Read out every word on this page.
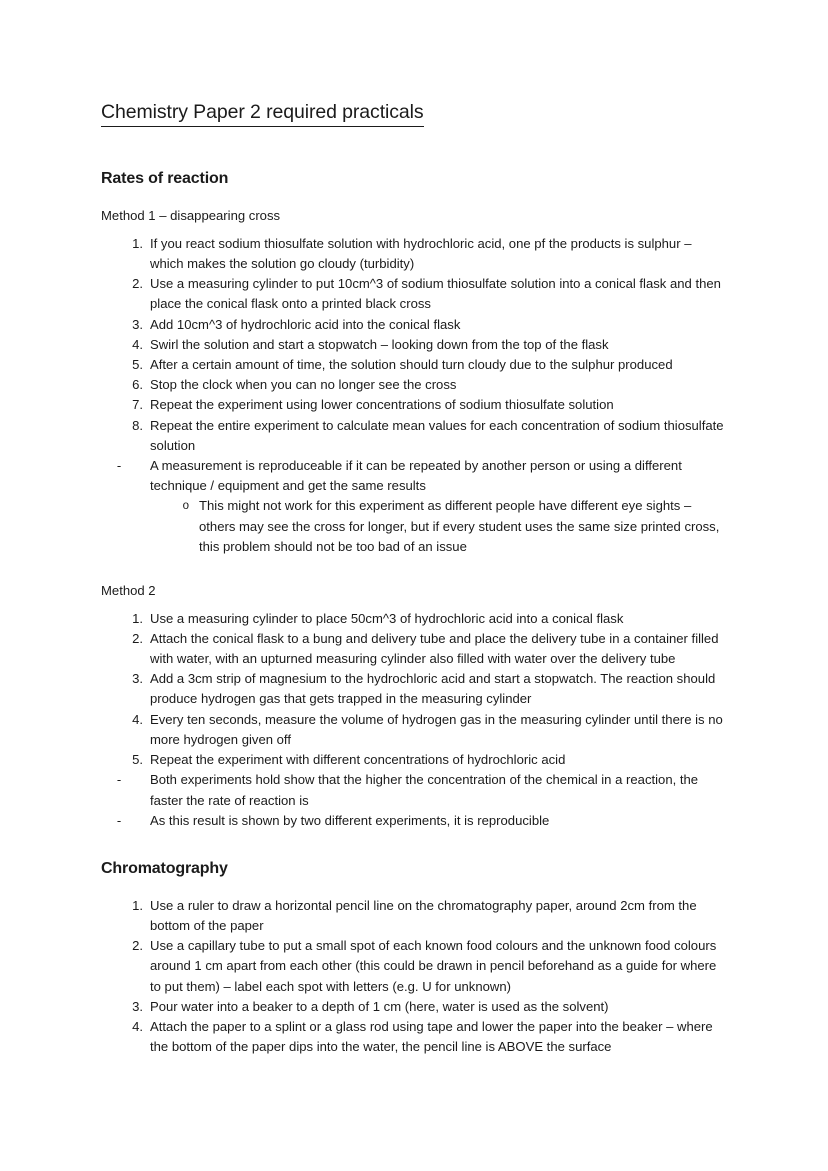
Chemistry Paper 2 required practicals
Rates of reaction

Method 1 – disappearing cross

1. If you react sodium thiosulfate solution with hydrochloric acid, one pf the products is sulphur – which makes the solution go cloudy (turbidity)
2. Use a measuring cylinder to put 10cm^3 of sodium thiosulfate solution into a conical flask and then place the conical flask onto a printed black cross
3. Add 10cm^3 of hydrochloric acid into the conical flask
4. Swirl the solution and start a stopwatch – looking down from the top of the flask
5. After a certain amount of time, the solution should turn cloudy due to the sulphur produced
6. Stop the clock when you can no longer see the cross
7. Repeat the experiment using lower concentrations of sodium thiosulfate solution
8. Repeat the entire experiment to calculate mean values for each concentration of sodium thiosulfate solution
-	A measurement is reproduceable if it can be repeated by another person or using a different technique / equipment and get the same results
o This might not work for this experiment as different people have different eye sights – others may see the cross for longer, but if every student uses the same size printed cross, this problem should not be too bad of an issue

Method 2

1. Use a measuring cylinder to place 50cm^3 of hydrochloric acid into a conical flask
2. Attach the conical flask to a bung and delivery tube and place the delivery tube in a container filled with water, with an upturned measuring cylinder also filled with water over the delivery tube
3. Add a 3cm strip of magnesium to the hydrochloric acid and start a stopwatch. The reaction should produce hydrogen gas that gets trapped in the measuring cylinder
4. Every ten seconds, measure the volume of hydrogen gas in the measuring cylinder until there is no more hydrogen given off
5. Repeat the experiment with different concentrations of hydrochloric acid
-	Both experiments hold show that the higher the concentration of the chemical in a reaction, the faster the rate of reaction is
-	As this result is shown by two different experiments, it is reproducible
Chromatography
1. Use a ruler to draw a horizontal pencil line on the chromatography paper, around 2cm from the bottom of the paper
2. Use a capillary tube to put a small spot of each known food colours and the unknown food colours around 1 cm apart from each other (this could be drawn in pencil beforehand as a guide for where to put them) – label each spot with letters (e.g. U for unknown)
3. Pour water into a beaker to a depth of 1 cm (here, water is used as the solvent)
4. Attach the paper to a splint or a glass rod using tape and lower the paper into the beaker – where the bottom of the paper dips into the water, the pencil line is ABOVE the surface
